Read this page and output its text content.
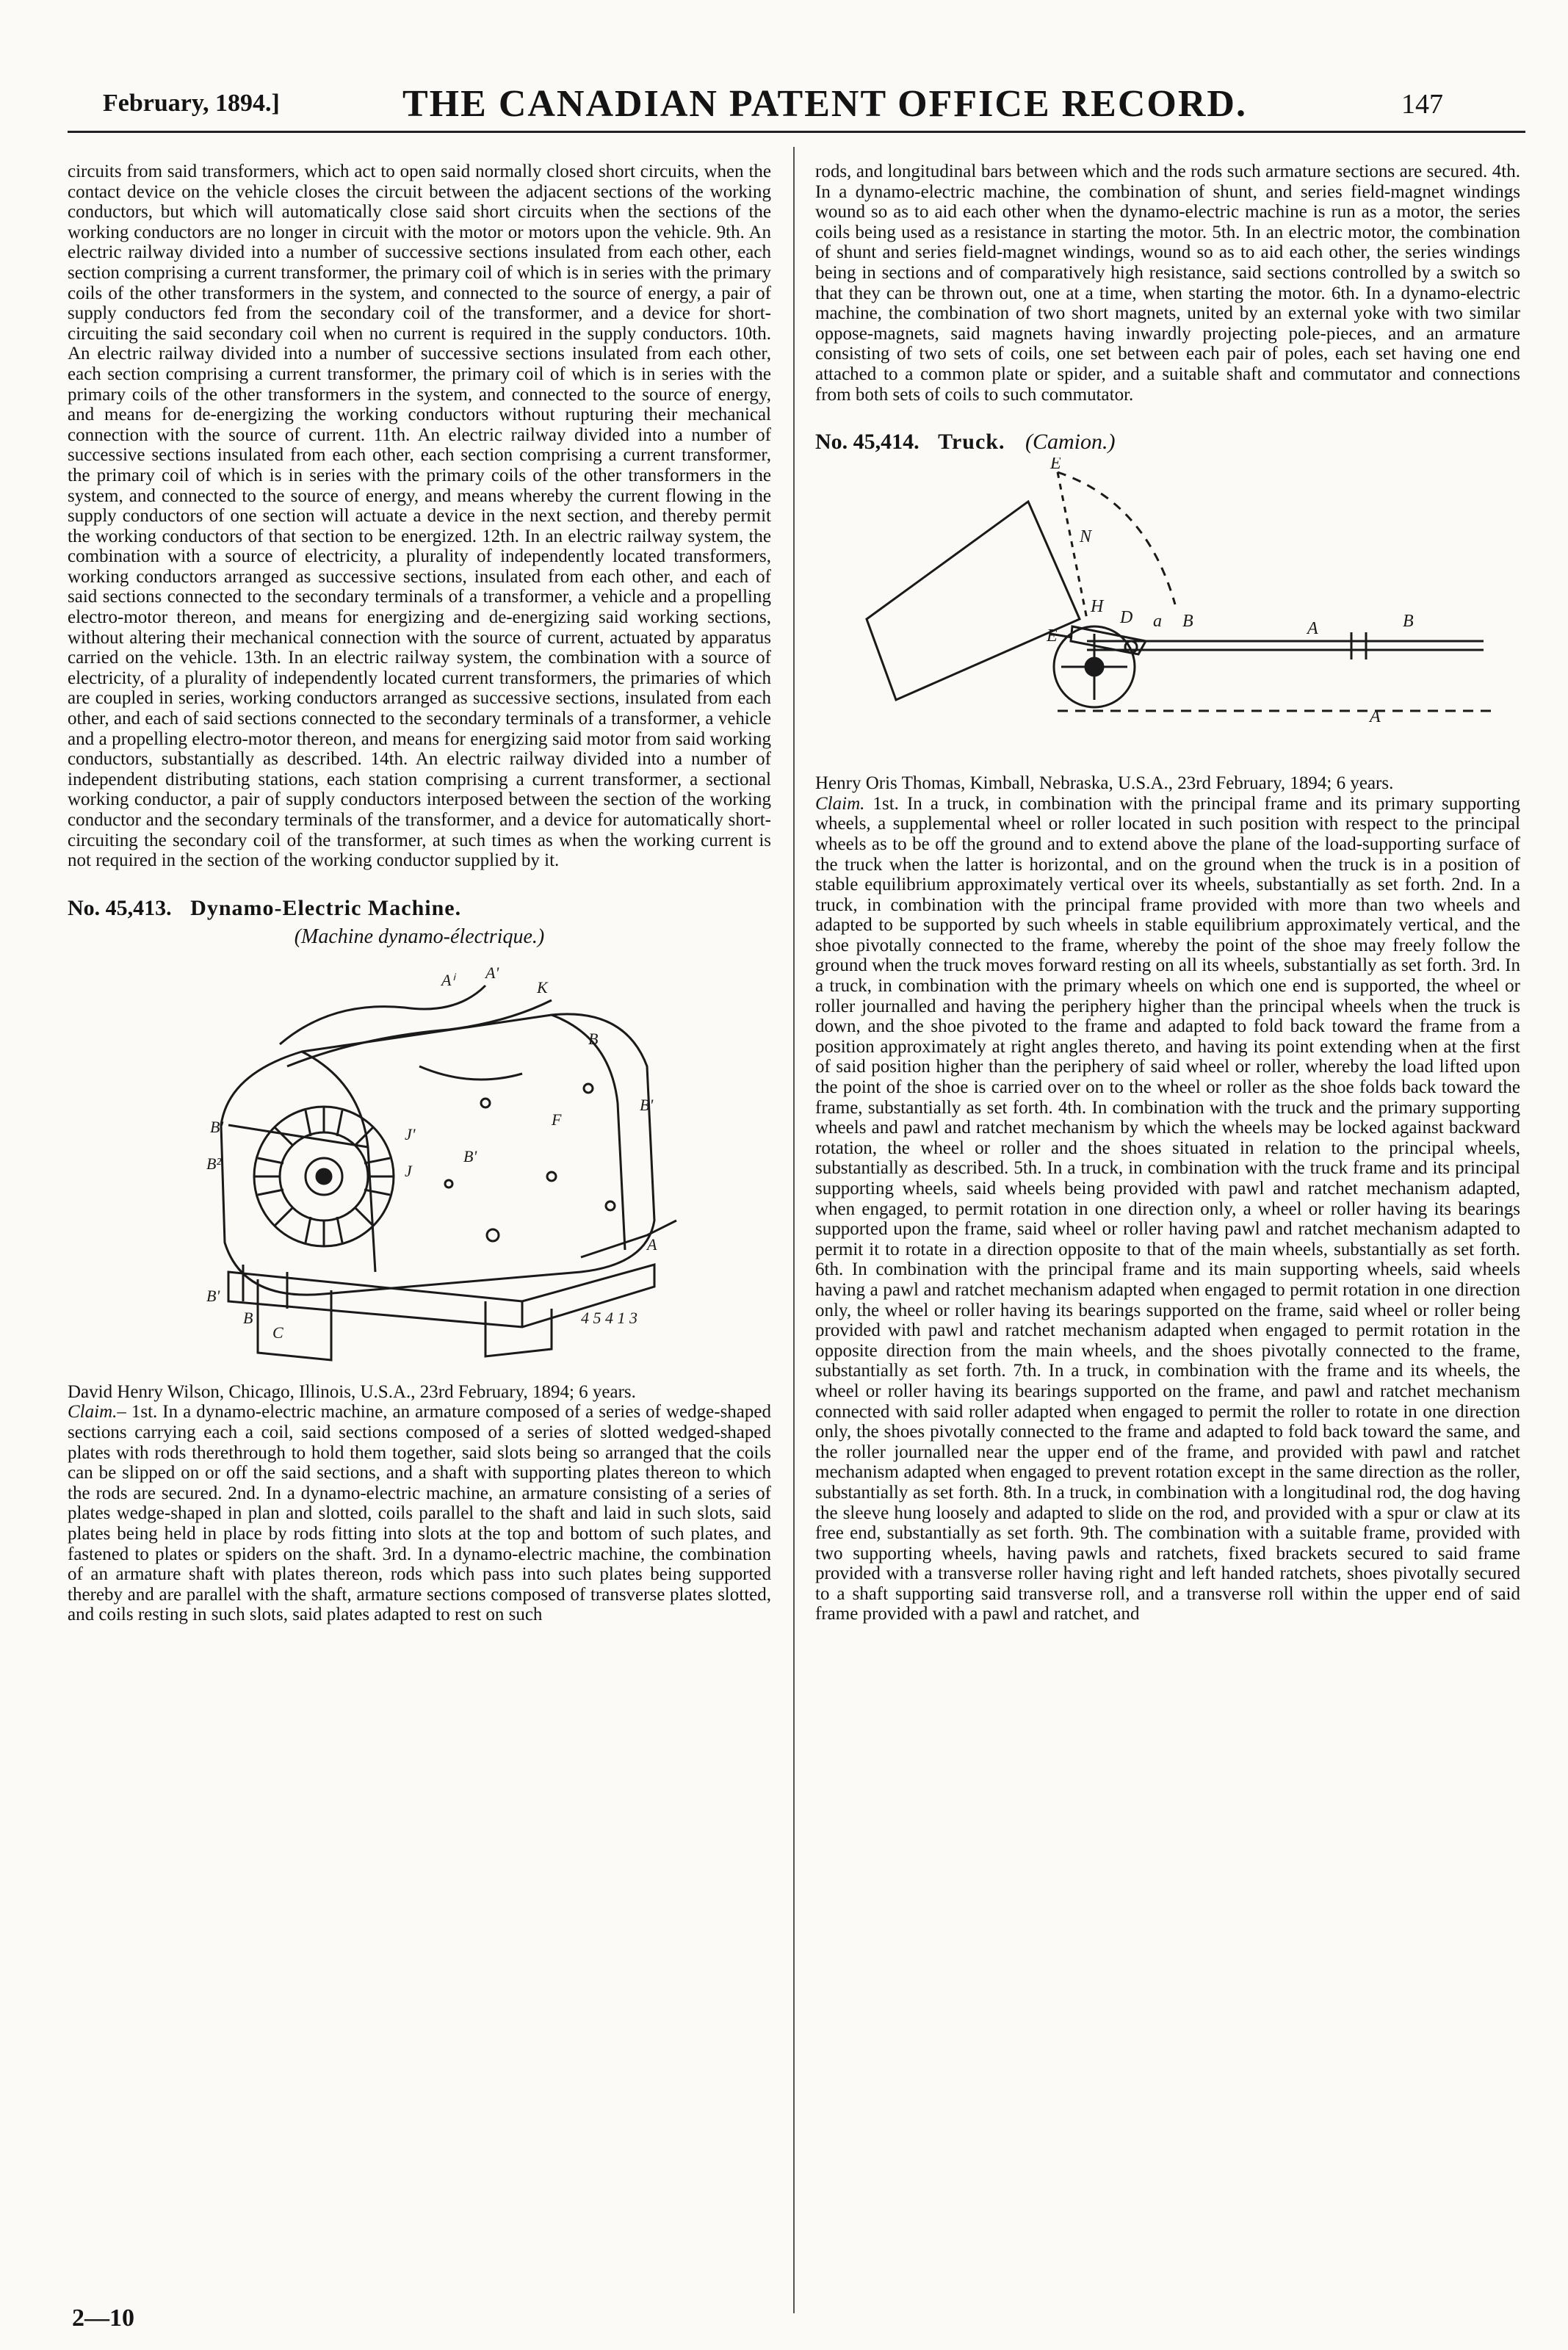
February, 1894.]	THE CANADIAN PATENT OFFICE RECORD.	147

circuits from said transformers, which act to open said normally closed short circuits, when the contact device on the vehicle closes the circuit between the adjacent sections of the working conductors, but which will automatically close said short circuits when the sections of the working conductors are no longer in circuit with the motor or motors upon the vehicle. 9th. An electric railway divided into a number of successive sections insulated from each other, each section comprising a current transformer, the primary coil of which is in series with the primary coils of the other transformers in the system, and connected to the source of energy, a pair of supply conductors fed from the secondary coil of the transformer, and a device for short-circuiting the said secondary coil when no current is required in the supply conductors. 10th. An electric railway divided into a number of successive sections insulated from each other, each section comprising a current transformer, the primary coil of which is in series with the primary coils of the other transformers in the system, and connected to the source of energy, and means for de-energizing the working conductors without rupturing their mechanical connection with the source of current. 11th. An electric railway divided into a number of successive sections insulated from each other, each section comprising a current transformer, the primary coil of which is in series with the primary coils of the other transformers in the system, and connected to the source of energy, and means whereby the current flowing in the supply conductors of one section will actuate a device in the next section, and thereby permit the working conductors of that section to be energized. 12th. In an electric railway system, the combination with a source of electricity, a plurality of independently located transformers, working conductors arranged as successive sections, insulated from each other, and each of said sections connected to the secondary terminals of a transformer, a vehicle and a propelling electro-motor thereon, and means for energizing and de-energizing said working sections, without altering their mechanical connection with the source of current, actuated by apparatus carried on the vehicle. 13th. In an electric railway system, the combination with a source of electricity, of a plurality of independently located current transformers, the primaries of which are coupled in series, working conductors arranged as successive sections, insulated from each other, and each of said sections connected to the secondary terminals of a transformer, a vehicle and a propelling electro-motor thereon, and means for energizing said motor from said working conductors, substantially as described. 14th. An electric railway divided into a number of independent distributing stations, each station comprising a current transformer, a sectional working conductor, a pair of supply conductors interposed between the section of the working conductor and the secondary terminals of the transformer, and a device for automatically short-circuiting the secondary coil of the transformer, at such times as when the working current is not required in the section of the working conductor supplied by it.

No. 45,413. Dynamo-Electric Machine.
(Machine dynamo-électrique.)
Aⁱ A'
K
B
B'
F
B'
B'
B²
J'
J
B'
B
C
A
4 5 4 1 3

David Henry Wilson, Chicago, Illinois, U.S.A., 23rd February, 1894; 6 years.

Claim.– 1st. In a dynamo-electric machine, an armature composed of a series of wedge-shaped sections carrying each a coil, said sections composed of a series of slotted wedged-shaped plates with rods therethrough to hold them together, said slots being so arranged that the coils can be slipped on or off the said sections, and a shaft with supporting plates thereon to which the rods are secured. 2nd. In a dynamo-electric machine, an armature consisting of a series of plates wedge-shaped in plan and slotted, coils parallel to the shaft and laid in such slots, said plates being held in place by rods fitting into slots at the top and bottom of such plates, and fastened to plates or spiders on the shaft. 3rd. In a dynamo-electric machine, the combination of an armature shaft with plates thereon, rods which pass into such plates being supported thereby and are parallel with the shaft, armature sections composed of transverse plates slotted, and coils resting in such slots, said plates adapted to rest on such

rods, and longitudinal bars between which and the rods such armature sections are secured. 4th. In a dynamo-electric machine, the combination of shunt, and series field-magnet windings wound so as to aid each other when the dynamo-electric machine is run as a motor, the series coils being used as a resistance in starting the motor. 5th. In an electric motor, the combination of shunt and series field-magnet windings, wound so as to aid each other, the series windings being in sections and of comparatively high resistance, said sections controlled by a switch so that they can be thrown out, one at a time, when starting the motor. 6th. In a dynamo-electric machine, the combination of two short magnets, united by an external yoke with two similar oppose-magnets, said magnets having inwardly projecting pole-pieces, and an armature consisting of two sets of coils, one set between each pair of poles, each set having one end attached to a common plate or spider, and a suitable shaft and commutator and connections from both sets of coils to such commutator.

No. 45,414. Truck. (Camion.)
E
N
H
D a B
E	A	B
A

Henry Oris Thomas, Kimball, Nebraska, U.S.A., 23rd February, 1894; 6 years.

Claim. 1st. In a truck, in combination with the principal frame and its primary supporting wheels, a supplemental wheel or roller located in such position with respect to the principal wheels as to be off the ground and to extend above the plane of the load-supporting surface of the truck when the latter is horizontal, and on the ground when the truck is in a position of stable equilibrium approximately vertical over its wheels, substantially as set forth. 2nd. In a truck, in combination with the principal frame provided with more than two wheels and adapted to be supported by such wheels in stable equilibrium approximately vertical, and the shoe pivotally connected to the frame, whereby the point of the shoe may freely follow the ground when the truck moves forward resting on all its wheels, substantially as set forth. 3rd. In a truck, in combination with the primary wheels on which one end is supported, the wheel or roller journalled and having the periphery higher than the principal wheels when the truck is down, and the shoe pivoted to the frame and adapted to fold back toward the frame from a position approximately at right angles thereto, and having its point extending when at the first of said position higher than the periphery of said wheel or roller, whereby the load lifted upon the point of the shoe is carried over on to the wheel or roller as the shoe folds back toward the frame, substantially as set forth. 4th. In combination with the truck and the primary supporting wheels and pawl and ratchet mechanism by which the wheels may be locked against backward rotation, the wheel or roller and the shoes situated in relation to the principal wheels, substantially as described. 5th. In a truck, in combination with the truck frame and its principal supporting wheels, said wheels being provided with pawl and ratchet mechanism adapted, when engaged, to permit rotation in one direction only, a wheel or roller having its bearings supported upon the frame, said wheel or roller having pawl and ratchet mechanism adapted to permit it to rotate in a direction opposite to that of the main wheels, substantially as set forth. 6th. In combination with the principal frame and its main supporting wheels, said wheels having a pawl and ratchet mechanism adapted when engaged to permit rotation in one direction only, the wheel or roller having its bearings supported on the frame, said wheel or roller being provided with pawl and ratchet mechanism adapted when engaged to permit rotation in the opposite direction from the main wheels, and the shoes pivotally connected to the frame, substantially as set forth. 7th. In a truck, in combination with the frame and its wheels, the wheel or roller having its bearings supported on the frame, and pawl and ratchet mechanism connected with said roller adapted when engaged to permit the roller to rotate in one direction only, the shoes pivotally connected to the frame and adapted to fold back toward the same, and the roller journalled near the upper end of the frame, and provided with pawl and ratchet mechanism adapted when engaged to prevent rotation except in the same direction as the roller, substantially as set forth. 8th. In a truck, in combination with a longitudinal rod, the dog having the sleeve hung loosely and adapted to slide on the rod, and provided with a spur or claw at its free end, substantially as set forth. 9th. The combination with a suitable frame, provided with two supporting wheels, having pawls and ratchets, fixed brackets secured to said frame provided with a transverse roller having right and left handed ratchets, shoes pivotally secured to a shaft supporting said transverse roll, and a transverse roll within the upper end of said frame provided with a pawl and ratchet, and

2—10
